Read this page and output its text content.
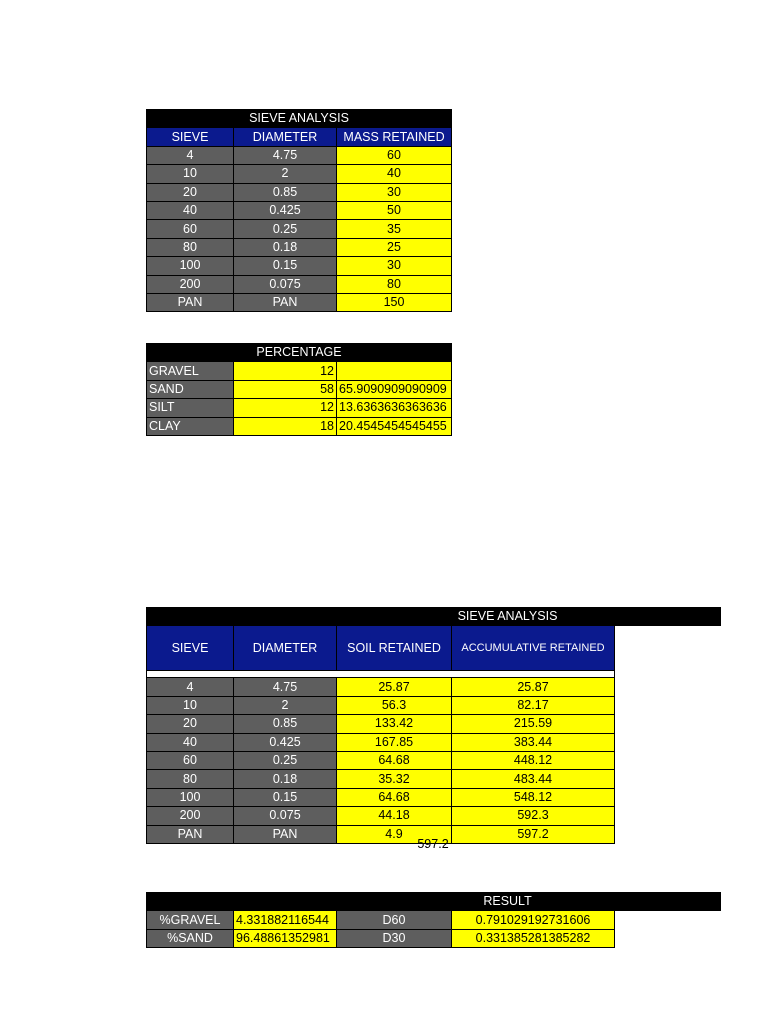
SIEVE ANALYSIS		
SIEVE	DIAMETER	MASS RETAINED
4	4.75	60
10	2	40
20	0.85	30
40	0.425	50
60	0.25	35
80	0.18	25
100	0.15	30
200	0.075	80
PAN	PAN	150
PERCENTAGE		
GRAVEL	12	
SAND	58	65.9090909090909
SILT	12	13.6363636363636
CLAY	18	20.4545454545455
SIEVE ANALYSIS				
SIEVE	DIAMETER	SOIL RETAINED	ACCUMULATIVE RETAINED	

4	4.75	25.87	25.87	
10	2	56.3	82.17	
20	0.85	133.42	215.59	
40	0.425	167.85	383.44	
60	0.25	64.68	448.12	
80	0.18	35.32	483.44	
100	0.15	64.68	548.12	
200	0.075	44.18	592.3	
PAN	PAN	4.9	597.2	
597.2
RESULT				
%GRAVEL	4.331882116544	D60	0.791029192731606	
%SAND	96.48861352981	D30	0.331385281385282	
